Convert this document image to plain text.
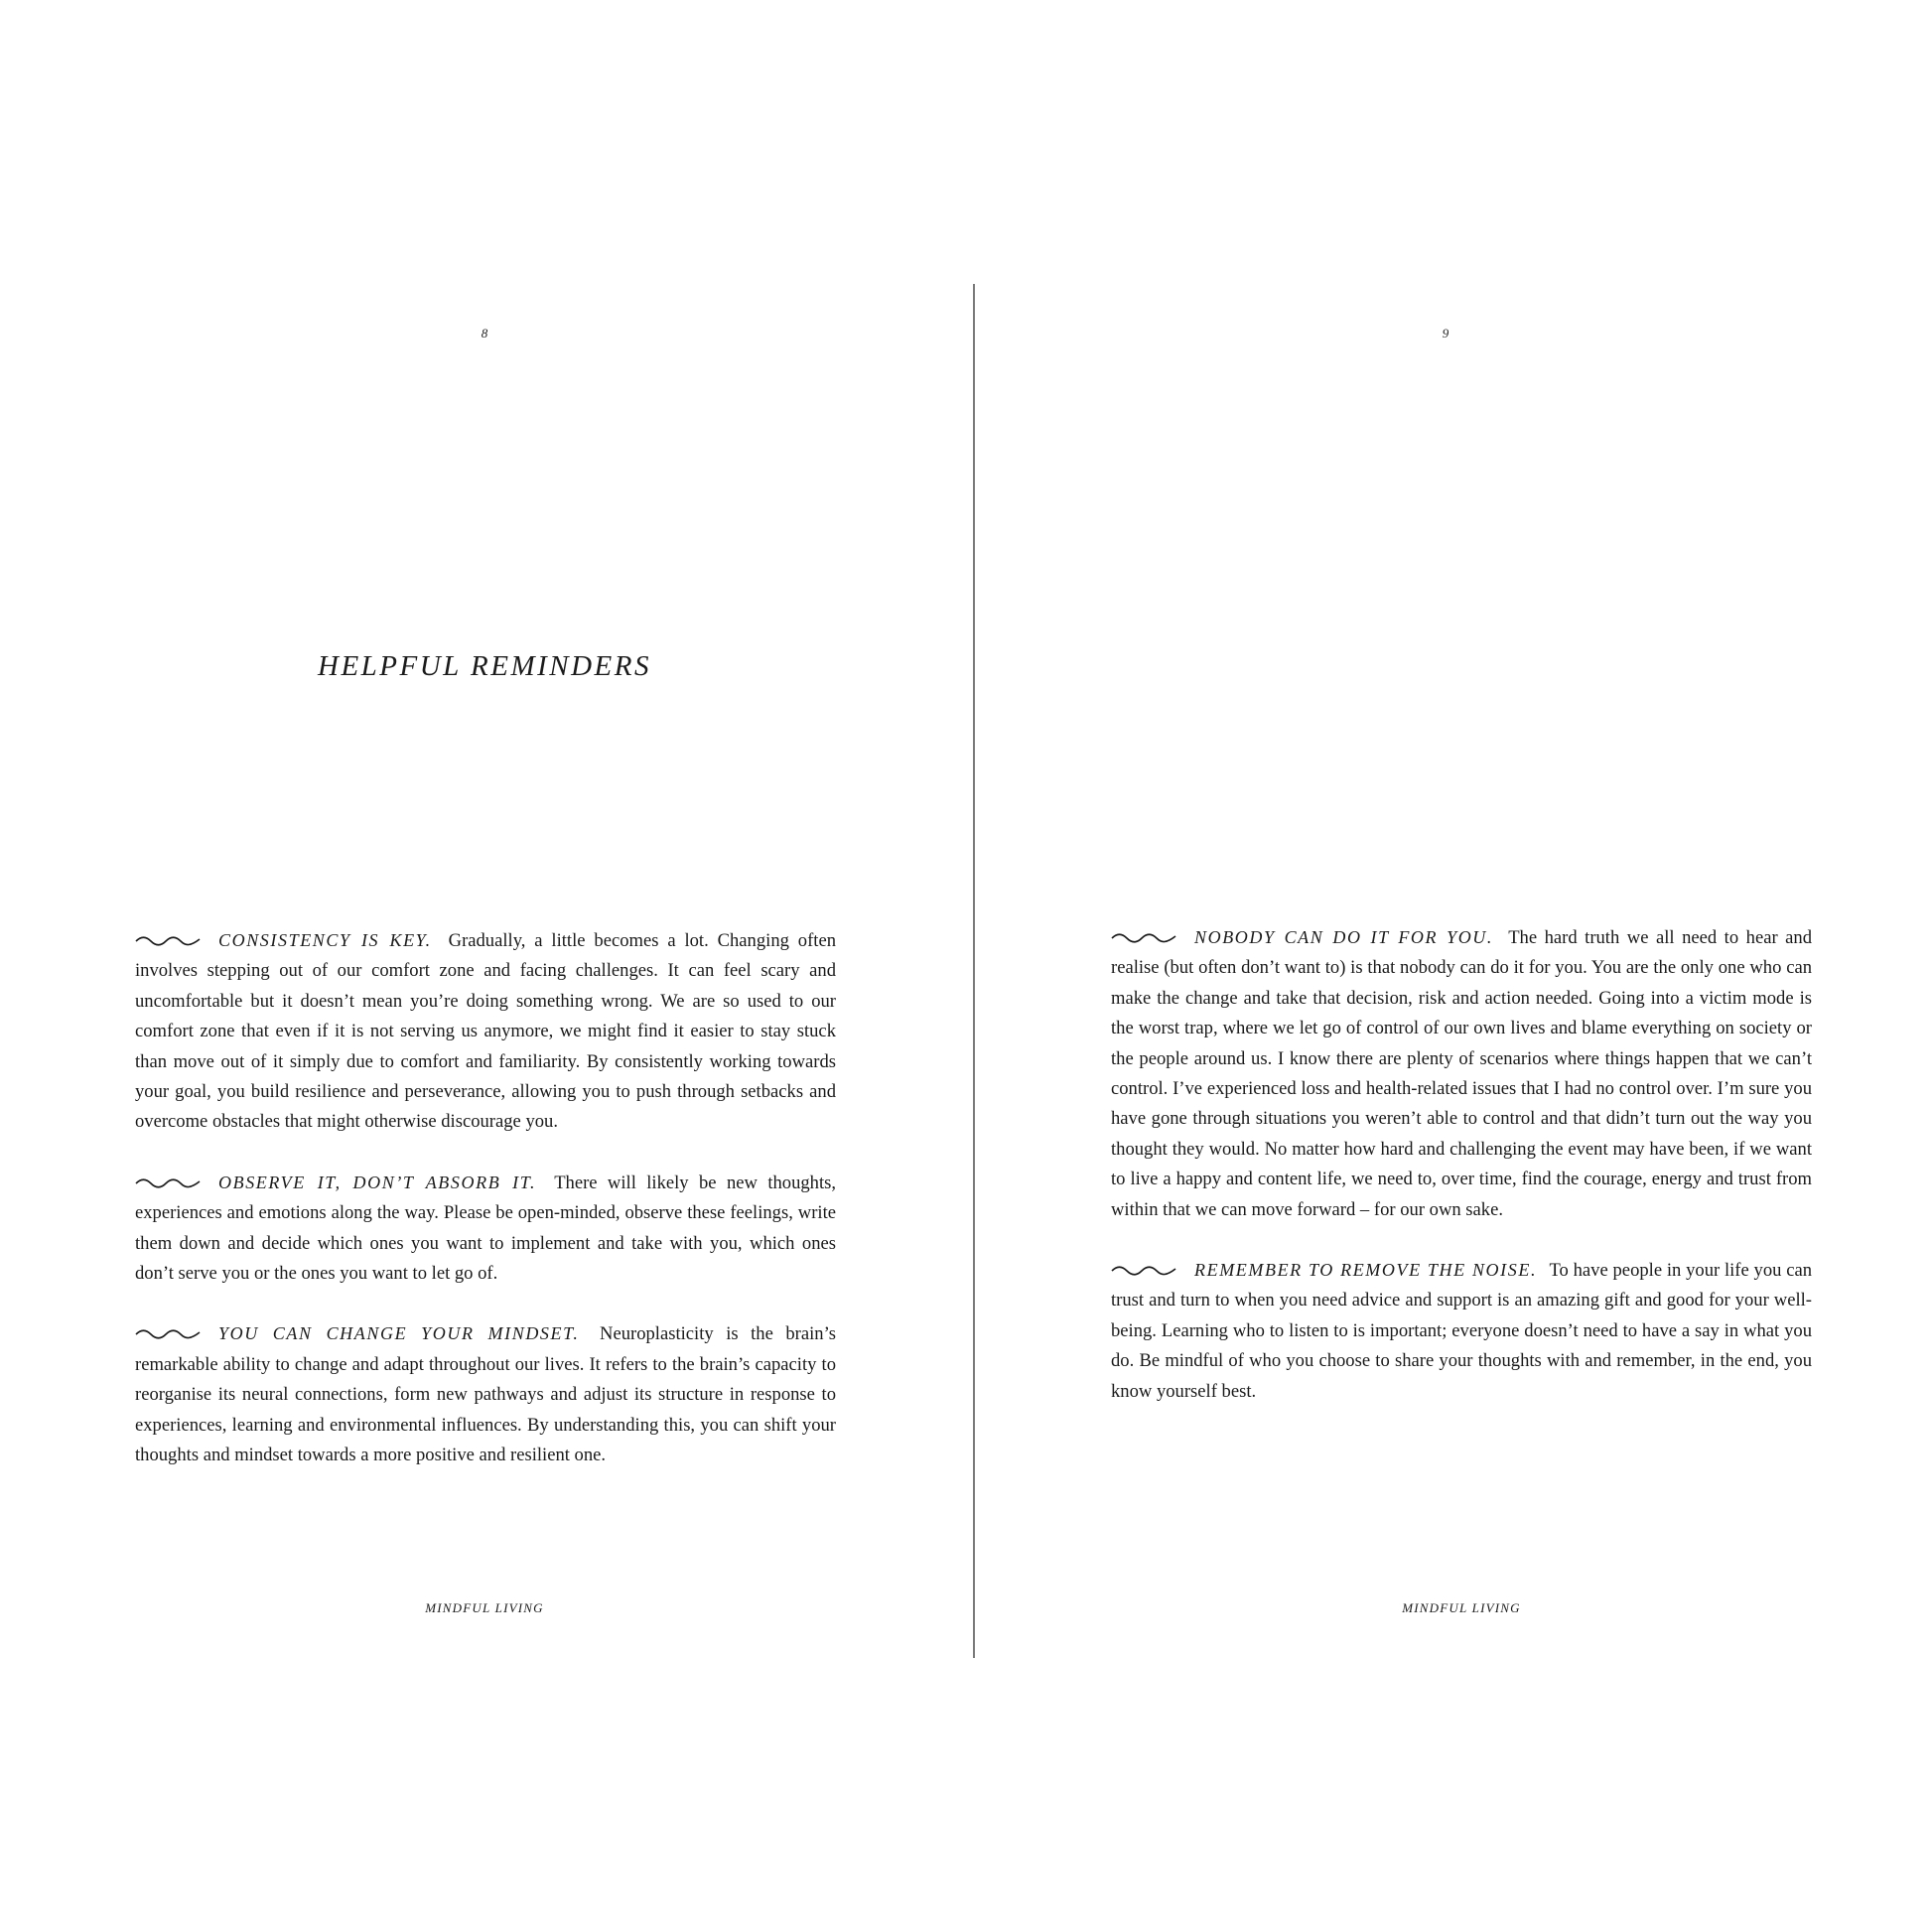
8
HELPFUL REMINDERS

CONSISTENCY IS KEY. Gradually, a little becomes a lot. Changing often involves stepping out of our comfort zone and facing challenges. It can feel scary and uncomfortable but it doesn’t mean you’re doing something wrong. We are so used to our comfort zone that even if it is not serving us anymore, we might find it easier to stay stuck than move out of it simply due to comfort and familiarity. By consistently working towards your goal, you build resilience and perseverance, allowing you to push through setbacks and overcome obstacles that might otherwise discourage you.

OBSERVE IT, DON’T ABSORB IT. There will likely be new thoughts, experiences and emotions along the way. Please be open-minded, observe these feelings, write them down and decide which ones you want to implement and take with you, which ones don’t serve you or the ones you want to let go of.

YOU CAN CHANGE YOUR MINDSET. Neuroplasticity is the brain’s remarkable ability to change and adapt throughout our lives. It refers to the brain’s capacity to reorganise its neural connections, form new pathways and adjust its structure in response to experiences, learning and environmental influences. By understanding this, you can shift your thoughts and mindset towards a more positive and resilient one.

MINDFUL LIVING
9

NOBODY CAN DO IT FOR YOU. The hard truth we all need to hear and realise (but often don’t want to) is that nobody can do it for you. You are the only one who can make the change and take that decision, risk and action needed. Going into a victim mode is the worst trap, where we let go of control of our own lives and blame everything on society or the people around us. I know there are plenty of scenarios where things happen that we can’t control. I’ve experienced loss and health-related issues that I had no control over. I’m sure you have gone through situations you weren’t able to control and that didn’t turn out the way you thought they would. No matter how hard and challenging the event may have been, if we want to live a happy and content life, we need to, over time, find the courage, energy and trust from within that we can move forward – for our own sake.

REMEMBER TO REMOVE THE NOISE. To have people in your life you can trust and turn to when you need advice and support is an amazing gift and good for your well-being. Learning who to listen to is important; everyone doesn’t need to have a say in what you do. Be mindful of who you choose to share your thoughts with and remember, in the end, you know yourself best.

MINDFUL LIVING
